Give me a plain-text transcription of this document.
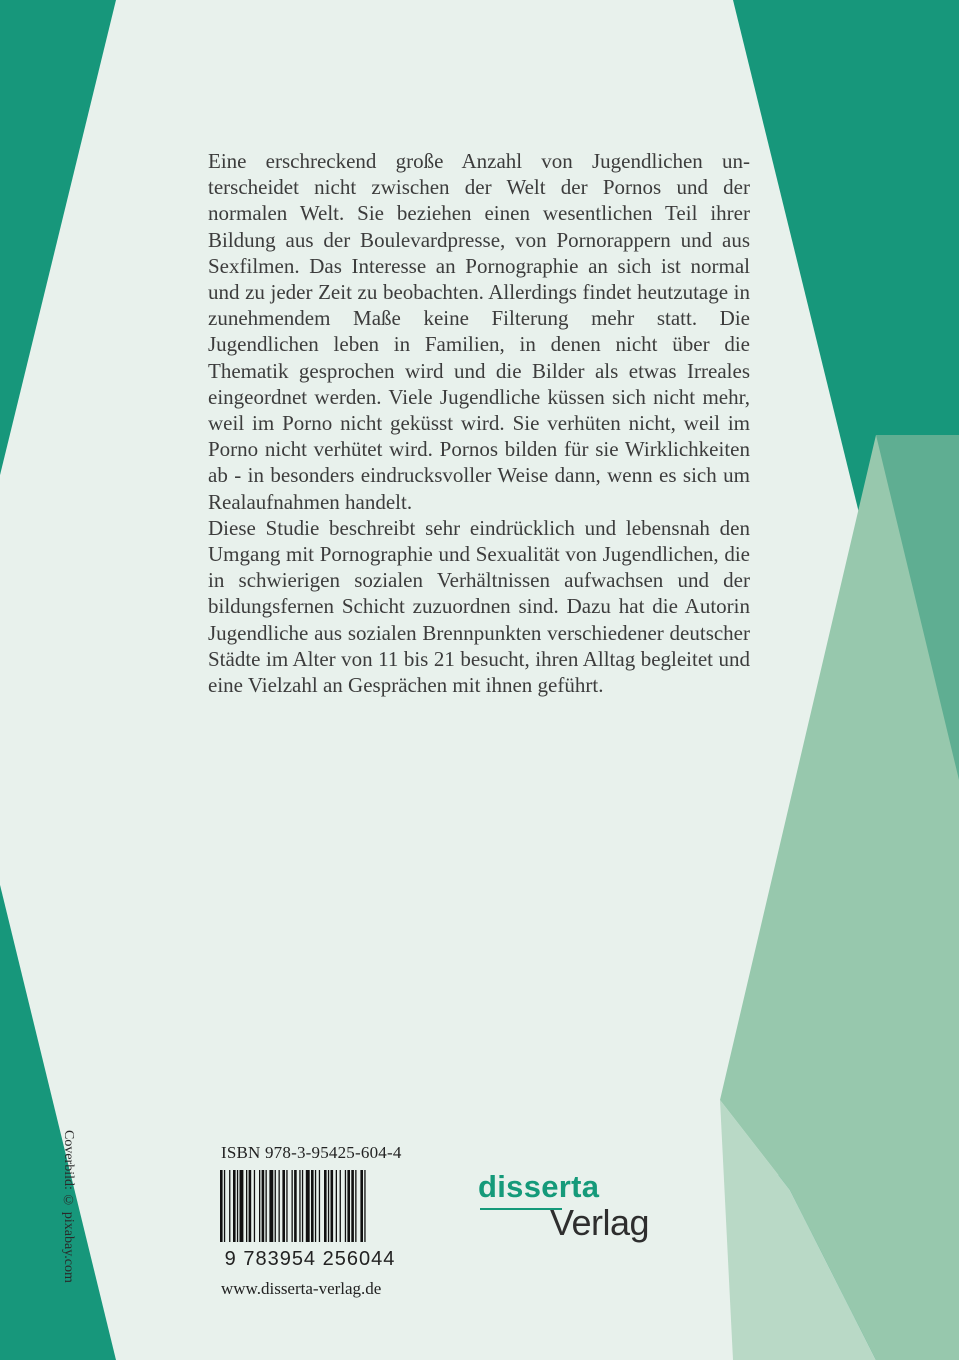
Eine erschreckend große Anzahl von Jugendlichen unterscheidet nicht zwischen der Welt der Pornos und der normalen Welt. Sie beziehen einen wesentlichen Teil ihrer Bildung aus der Boulevardpresse, von Pornorappern und aus Sexfilmen. Das Interesse an Pornographie an sich ist normal und zu jeder Zeit zu beobachten. Allerdings findet heutzutage in zunehmendem Maße keine Filterung mehr statt. Die Jugendlichen leben in Familien, in denen nicht über die Thematik gesprochen wird und die Bilder als etwas Irreales eingeordnet werden. Viele Jugendliche küssen sich nicht mehr, weil im Porno nicht geküsst wird. Sie verhüten nicht, weil im Porno nicht verhütet wird. Pornos bilden für sie Wirklichkeiten ab - in besonders eindrucksvoller Weise dann, wenn es sich um Realaufnahmen handelt.

Diese Studie beschreibt sehr eindrücklich und lebensnah den Umgang mit Pornographie und Sexualität von Jugendlichen, die in schwierigen sozialen Verhältnissen aufwachsen und der bildungsfernen Schicht zuzuordnen sind. Dazu hat die Autorin Jugendliche aus sozialen Brennpunkten verschiedener deutscher Städte im Alter von 11 bis 21 besucht, ihren Alltag begleitet und eine Vielzahl an Gesprächen mit ihnen geführt.

ISBN 978-3-95425-604-4
9 783954 256044
www.disserta-verlag.de
disserta
Verlag
Coverbild: © pixabay.com
